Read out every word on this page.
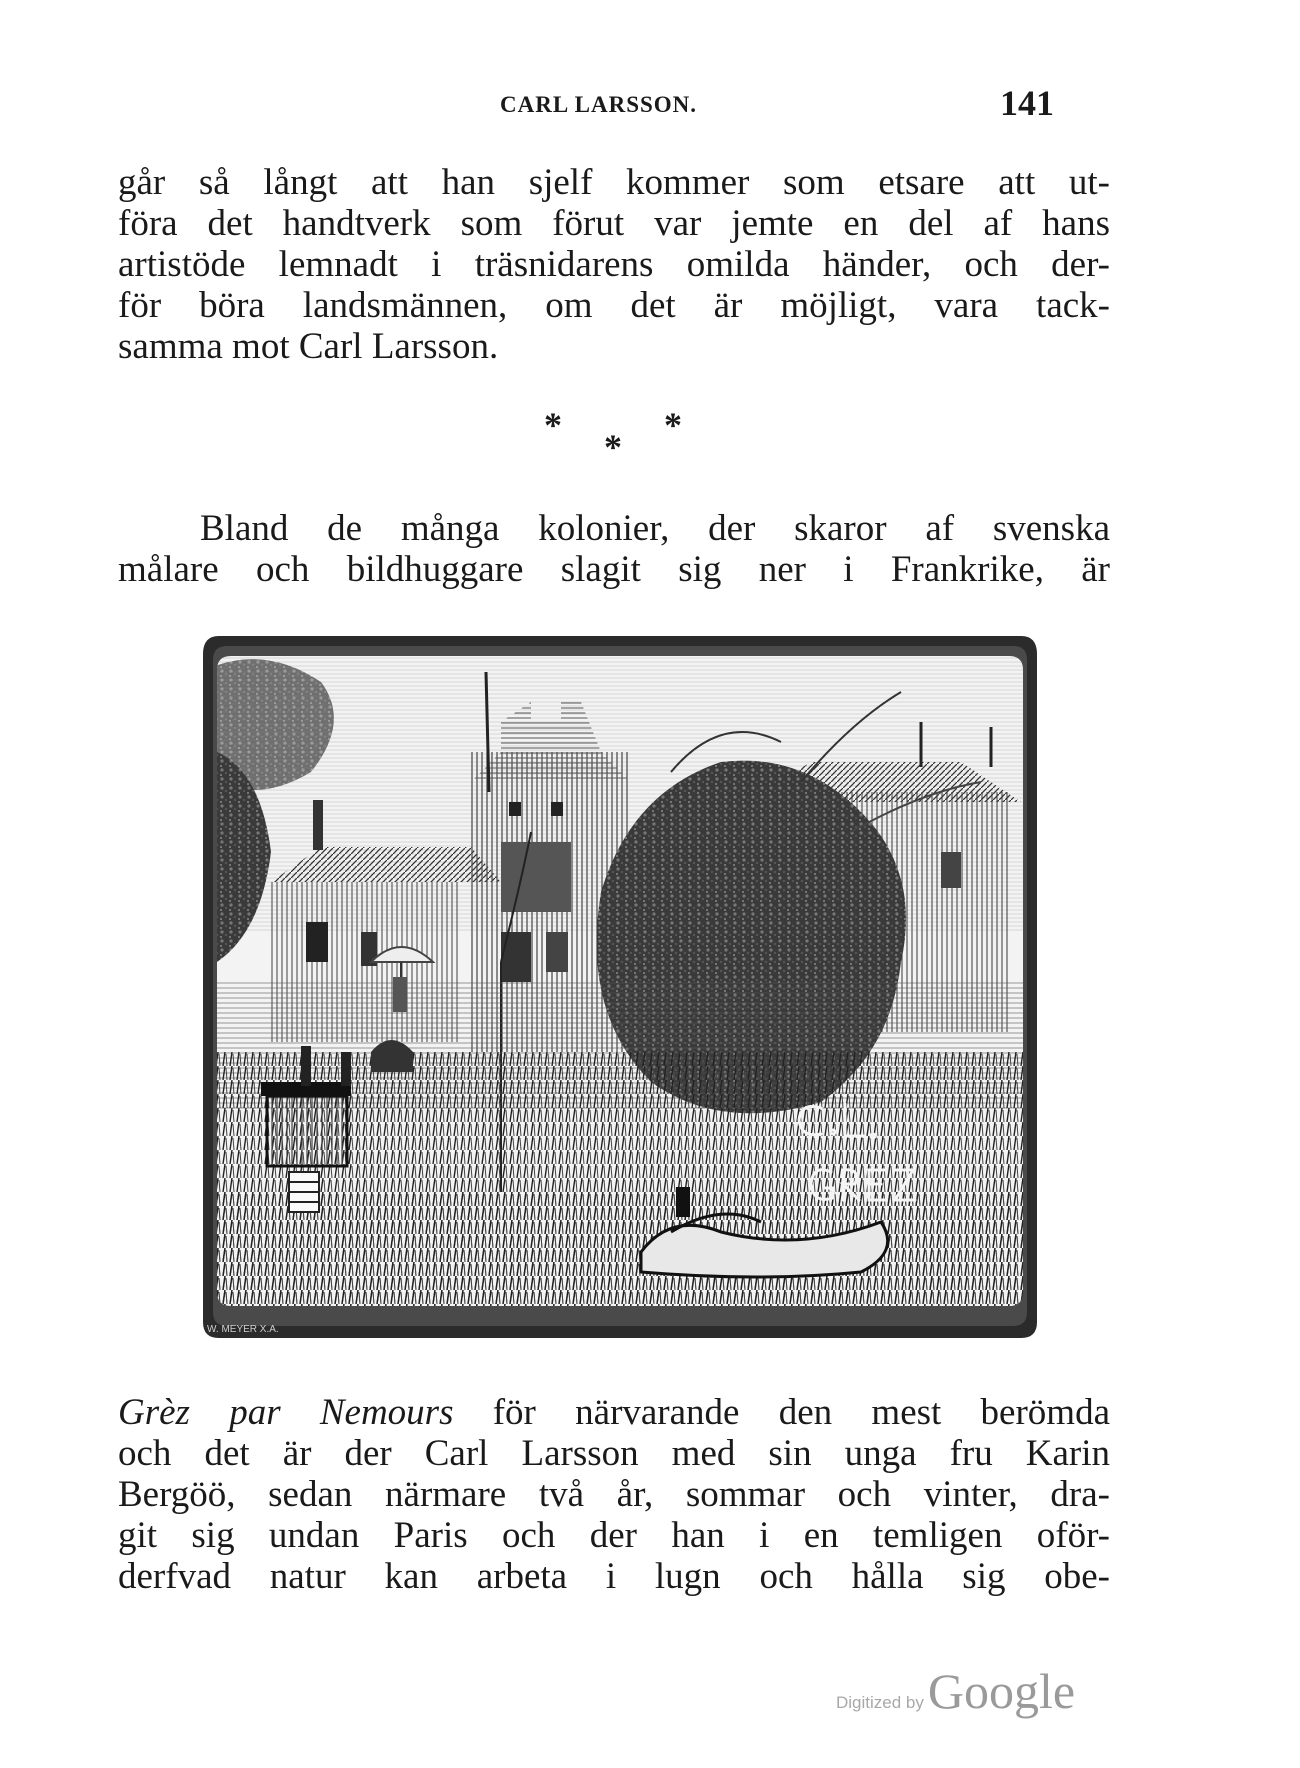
CARL LARSSON.	141
går så långt att han sjelf kommer som etsare att ut-
föra det handtverk som förut var jemte en del af hans
artistöde lemnadt i träsnidarens omilda händer, och der-
för böra landsmännen, om det är möjligt, vara tack-
samma mot Carl Larsson.
*	*
*
Bland de många kolonier, der skaror af svenska
målare och bildhuggare slagit sig ner i Frankrike, är
W. MEYER X.A.
Grèz par Nemours för närvarande den mest berömda
och det är der Carl Larsson med sin unga fru Karin
Bergöö, sedan närmare två år, sommar och vinter, dra-
git sig undan Paris och der han i en temligen oför-
derfvad natur kan arbeta i lugn och hålla sig obe-
Digitized byGoogle
